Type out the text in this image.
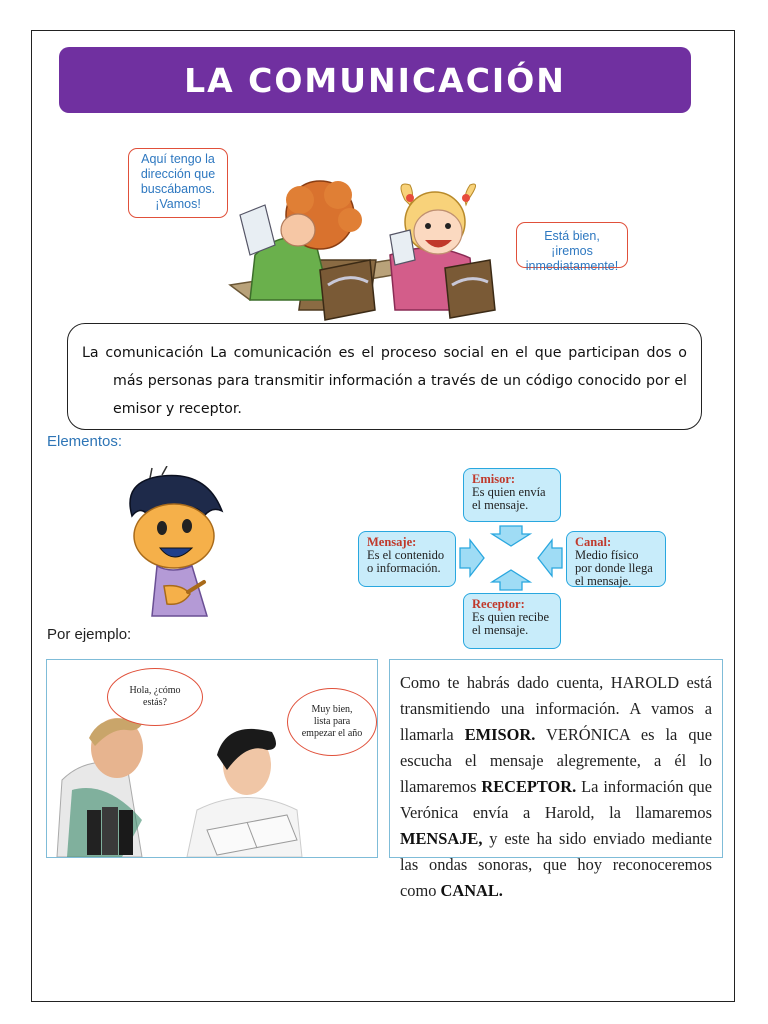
LA COMUNICACIÓN
Aquí tengo la
dirección que
buscábamos.
¡Vamos!
Está bien, ¡iremos
inmediatamente!

La comunicación La comunicación es el proceso social en el que participan dos o más personas para transmitir información a través de un código conocido por el emisor y receptor.

Elementos:
Emisor:
Es quien envía el mensaje.
Mensaje:
Es el contenido o información.
Canal:
Medio físico por donde llega el mensaje.
Receptor:
Es quien recibe el mensaje.
Por ejemplo:
Hola, ¿cómo
estás?
Muy bien,
lista para
empezar el año
Como te habrás dado cuenta, HAROLD está transmitiendo una información. A vamos a llamarla EMISOR. VERÓNICA es la que escucha el mensaje alegremente, a él lo llamaremos RECEPTOR. La información que Verónica envía a Harold, la llamaremos MENSAJE, y este ha sido enviado mediante las ondas sonoras, que hoy reconoceremos como CANAL.
